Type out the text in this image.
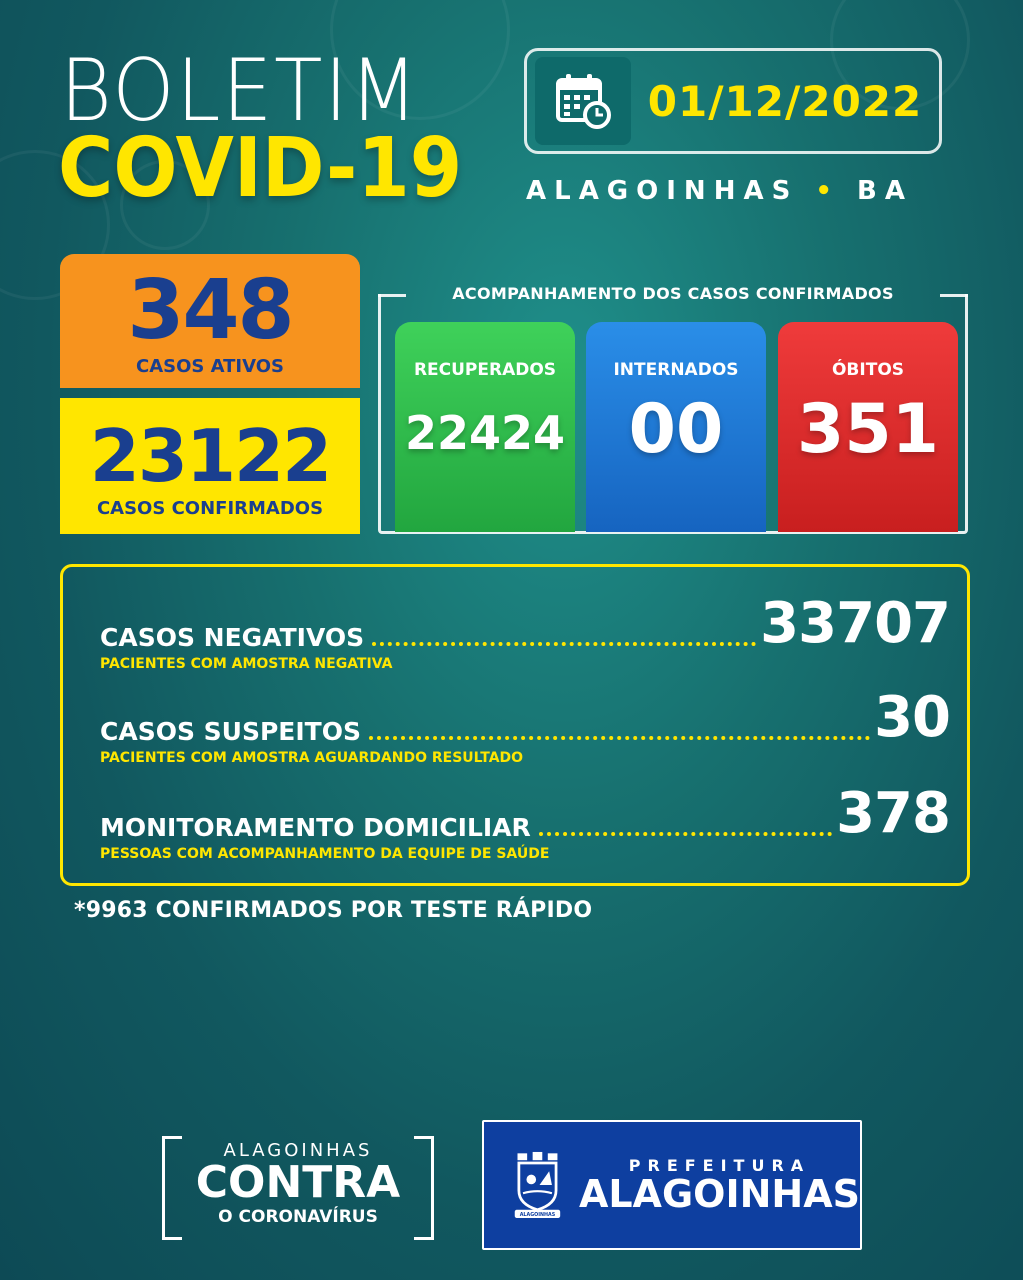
BOLETIM
COVID-19
01/12/2022
ALAGOINHAS • BA
348
CASOS ATIVOS
23122
CASOS CONFIRMADOS
ACOMPANHAMENTO DOS CASOS CONFIRMADOS
RECUPERADOS
22424
INTERNADOS
00
ÓBITOS
351
CASOS NEGATIVOS	33707
PACIENTES COM AMOSTRA NEGATIVA
CASOS SUSPEITOS	30
PACIENTES COM AMOSTRA AGUARDANDO RESULTADO
MONITORAMENTO DOMICILIAR	378
PESSOAS COM ACOMPANHAMENTO DA EQUIPE DE SAÚDE
*9963 CONFIRMADOS POR TESTE RÁPIDO
ALAGOINHAS
CONTRA
O CORONAVÍRUS	ALAGOINHAS
PREFEITURA
ALAGOINHAS
